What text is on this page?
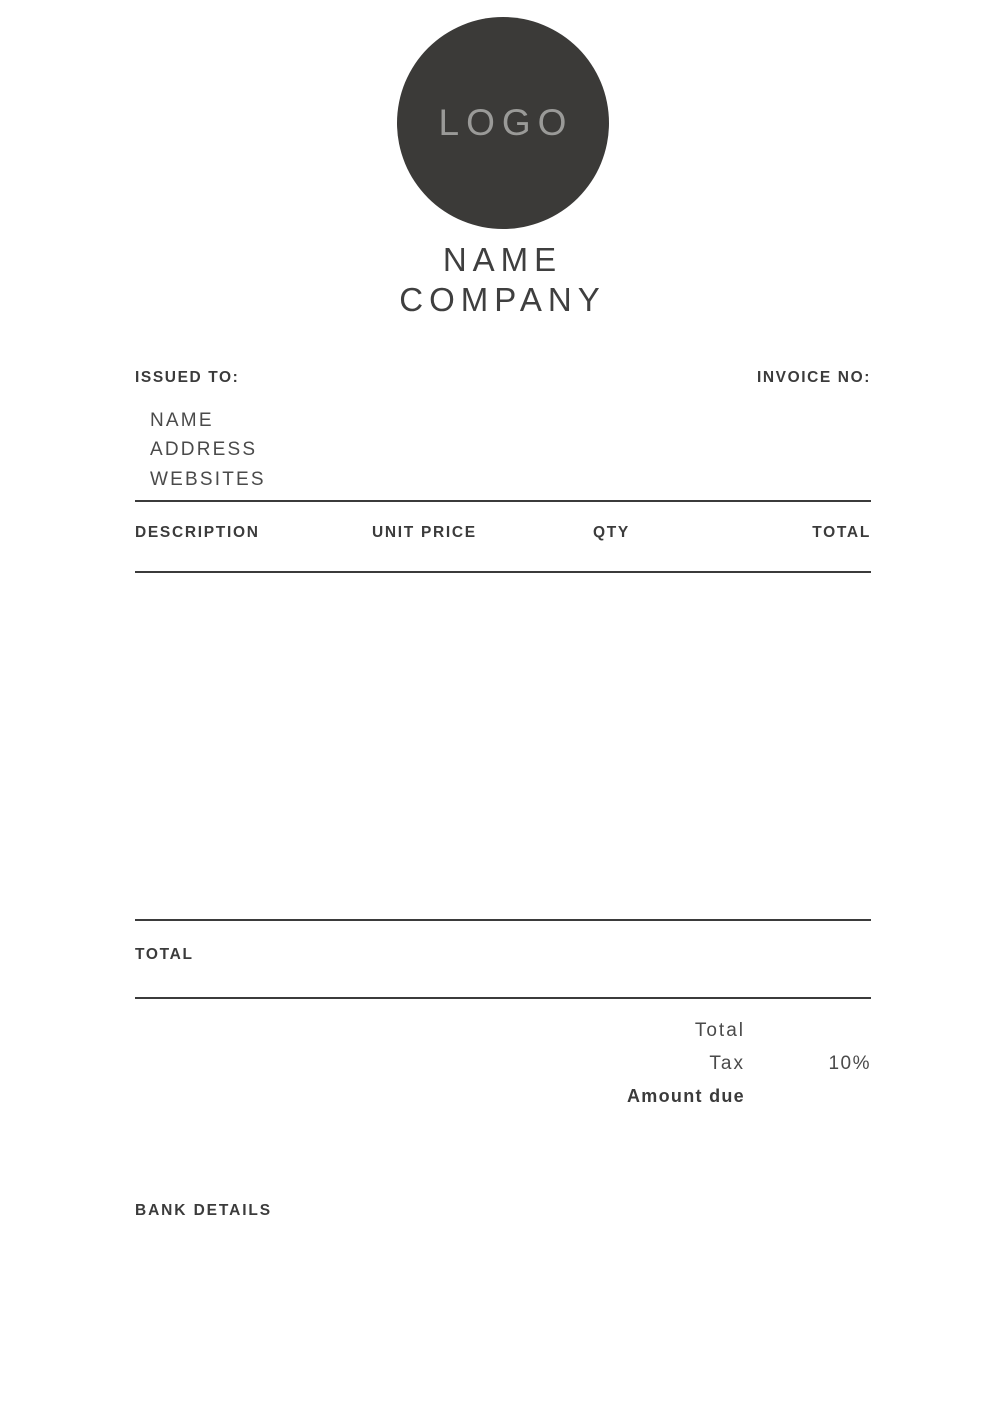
LOGO
NAME
COMPANY
ISSUED TO:	INVOICE NO:
NAME
ADDRESS
WEBSITES
DESCRIPTION	UNIT PRICE	QTY	TOTAL
TOTAL
Total
Tax	10%
Amount due
BANK DETAILS
